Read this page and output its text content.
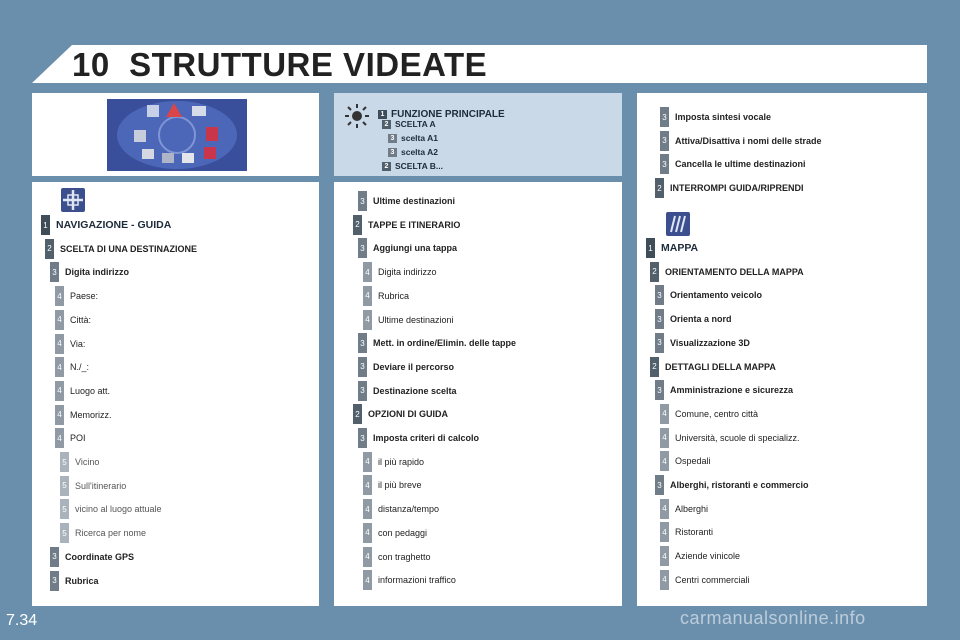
10 STRUTTURE VIDEATE
1 FUNZIONE PRINCIPALE
2 SCELTA A
3 scelta A1
3 scelta A2
2 SCELTA B...
1 NAVIGAZIONE - GUIDA
2 SCELTA DI UNA DESTINAZIONE
3 Digita indirizzo
4 Paese:
4 Città:
4 Via:
4 N./_:
4 Luogo att.
4 Memorizz.
4 POI
5 Vicino
5 Sull'itinerario
5 vicino al luogo attuale
5 Ricerca per nome
3 Coordinate GPS
3 Rubrica
3 Ultime destinazioni
2 TAPPE E ITINERARIO
3 Aggiungi una tappa
4 Digita indirizzo
4 Rubrica
4 Ultime destinazioni
3 Mett. in ordine/Elimin. delle tappe
3 Deviare il percorso
3 Destinazione scelta
2 OPZIONI DI GUIDA
3 Imposta criteri di calcolo
4 il più rapido
4 il più breve
4 distanza/tempo
4 con pedaggi
4 con traghetto
4 informazioni traffico
3 Imposta sintesi vocale
3 Attiva/Disattiva i nomi delle strade
3 Cancella le ultime destinazioni
2 INTERROMPI GUIDA/RIPRENDI
1 MAPPA
2 ORIENTAMENTO DELLA MAPPA
3 Orientamento veicolo
3 Orienta a nord
3 Visualizzazione 3D
2 DETTAGLI DELLA MAPPA
3 Amministrazione e sicurezza
4 Comune, centro città
4 Università, scuole di specializz.
4 Ospedali
3 Alberghi, ristoranti e commercio
4 Alberghi
4 Ristoranti
4 Aziende vinicole
4 Centri commerciali
7.34	carmanualsonline.info
